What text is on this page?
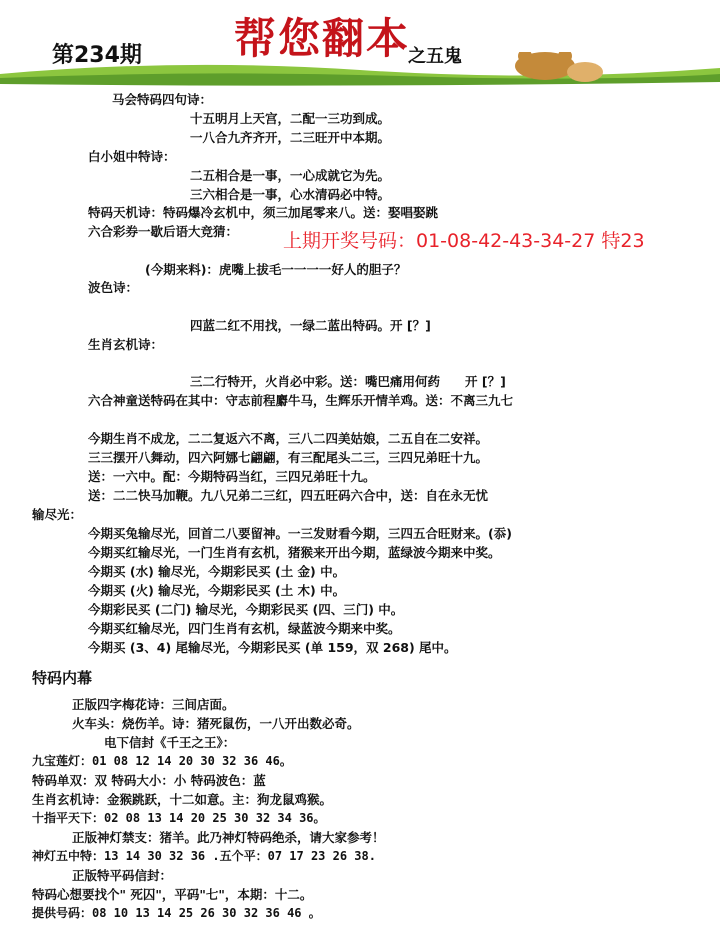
第234期 帮您翻本
之五鬼
马会特码四句诗：
十五明月上天宫，二配一三功到成。
一八合九齐齐开，二三旺开中本期。
白小姐中特诗：
二五相合是一事，一心成就它为先。
三六相合是一事，心水清码必中特。
特码天机诗：特码爆冷玄机中，须三加尾零来八。送：娶唱娶跳
六合彩券一歇后语大竞猜： 上期开奖号码：01-08-42-43-34-27 特23
(今期来料)：虎嘴上拔毛一一一一好人的胆子？
波色诗：
四蓝二红不用找，一绿二蓝出特码。开 [？]
生肖玄机诗：
三二行特开，火肖必中彩。送：嘴巴痛用何药　　开 [？]
六合神童送特码在其中：守志前程麝牛马，生辉乐开情羊鸡。送：不离三九七
今期生肖不成龙，二二复返六不离，三八二四美姑娘，二五自在二安祥。
三三摆开八舞动，四六阿娜七翩翩，有三配尾头二三，三四兄弟旺十九。
送：一六中。配：今期特码当红，三四兄弟旺十九。
送：二二快马加鞭。九八兄弟二三红，四五旺码六合中，送：自在永无忧
输尽光：
今期买兔输尽光，回首二八要留神。一三发财看今期，三四五合旺财来。(忝)
今期买红输尽光，一门生肖有玄机，猪猴来开出今期，蓝绿波今期来中奖。
今期买 (水) 输尽光，今期彩民买 (土 金) 中。
今期买 (火) 输尽光，今期彩民买 (土 木) 中。
今期彩民买 (二门) 输尽光，今期彩民买 (四、三门) 中。
今期买红输尽光，四门生肖有玄机，绿蓝波今期来中奖。
今期买 (3、4) 尾输尽光，今期彩民买 (单 159，双 268) 尾中。
特码内幕
正版四字梅花诗：三间店面。
火车头：烧伤羊。诗：猪死鼠伤，一八开出数必奇。
电下信封《千王之王》：
九宝莲灯：01 08 12 14 20 30 32 36 46。
特码单双：双 特码大小：小 特码波色：蓝
生肖玄机诗：金猴跳跃，十二如意。主：狗龙鼠鸡猴。
十指平天下：02 08 13 14 20 25 30 32 34 36。
正版神灯禁支：猪羊。此乃神灯特码绝杀，请大家参考！
神灯五中特：13 14 30 32 36 .五个平：07 17 23 26 38.
正版特平码信封：
特码心想要找个" 死囚"，平码"七"，本期：十二。
提供号码：08 10 13 14 25 26 30 32 36 46 。
